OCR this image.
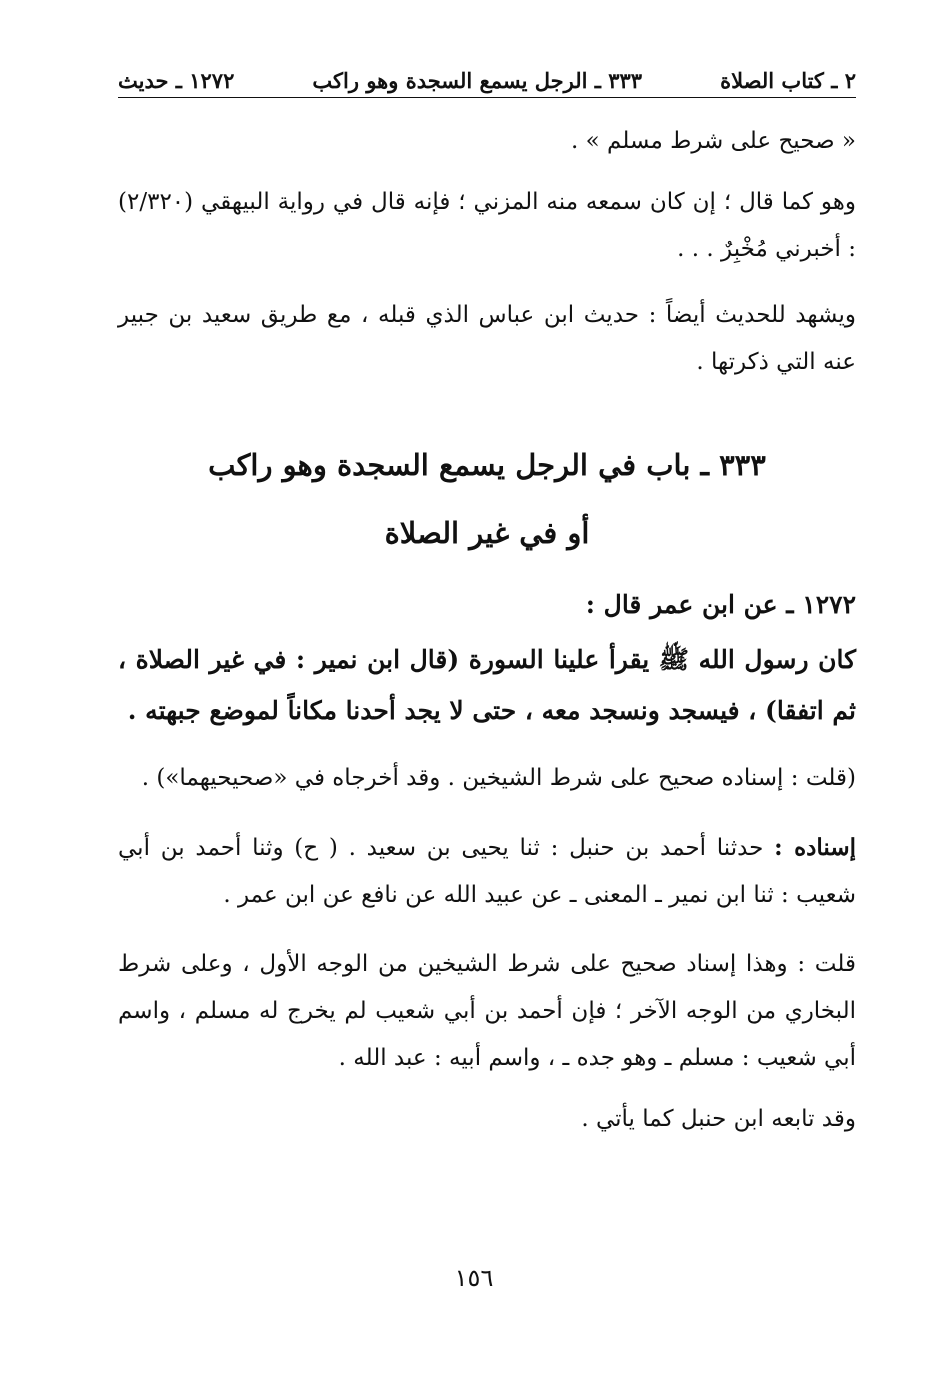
٢ ـ كتاب الصلاة
٣٣٣ ـ الرجل يسمع السجدة وهو راكب
١٢٧٢ ـ حديث

« صحيح على شرط مسلم » .

وهو كما قال ؛ إن كان سمعه منه المزني ؛ فإنه قال في رواية البيهقي (٢/٣٢٠) : أخبرني مُخْبِرٌ . . .

ويشهد للحديث أيضاً : حديث ابن عباس الذي قبله ، مع طريق سعيد بن جبير عنه التي ذكرتها .

٣٣٣ ـ باب في الرجل يسمع السجدة وهو راكب
أو في غير الصلاة

١٢٧٢ ـ عن ابن عمر قال :

كان رسول الله ﷺ يقرأ علينا السورة (قال ابن نمير : في غير الصلاة ، ثم اتفقا) ، فيسجد ونسجد معه ، حتى لا يجد أحدنا مكاناً لموضع جبهته .

(قلت : إسناده صحيح على شرط الشيخين . وقد أخرجاه في «صحيحيهما») .

إسناده : حدثنا أحمد بن حنبل : ثنا يحيى بن سعيد . ( ح) وثنا أحمد بن أبي شعيب : ثنا ابن نمير ـ المعنى ـ عن عبيد الله عن نافع عن ابن عمر .

قلت : وهذا إسناد صحيح على شرط الشيخين من الوجه الأول ، وعلى شرط البخاري من الوجه الآخر ؛ فإن أحمد بن أبي شعيب لم يخرج له مسلم ، واسم أبي شعيب : مسلم ـ وهو جده ـ ، واسم أبيه : عبد الله .

وقد تابعه ابن حنبل كما يأتي .

١٥٦
